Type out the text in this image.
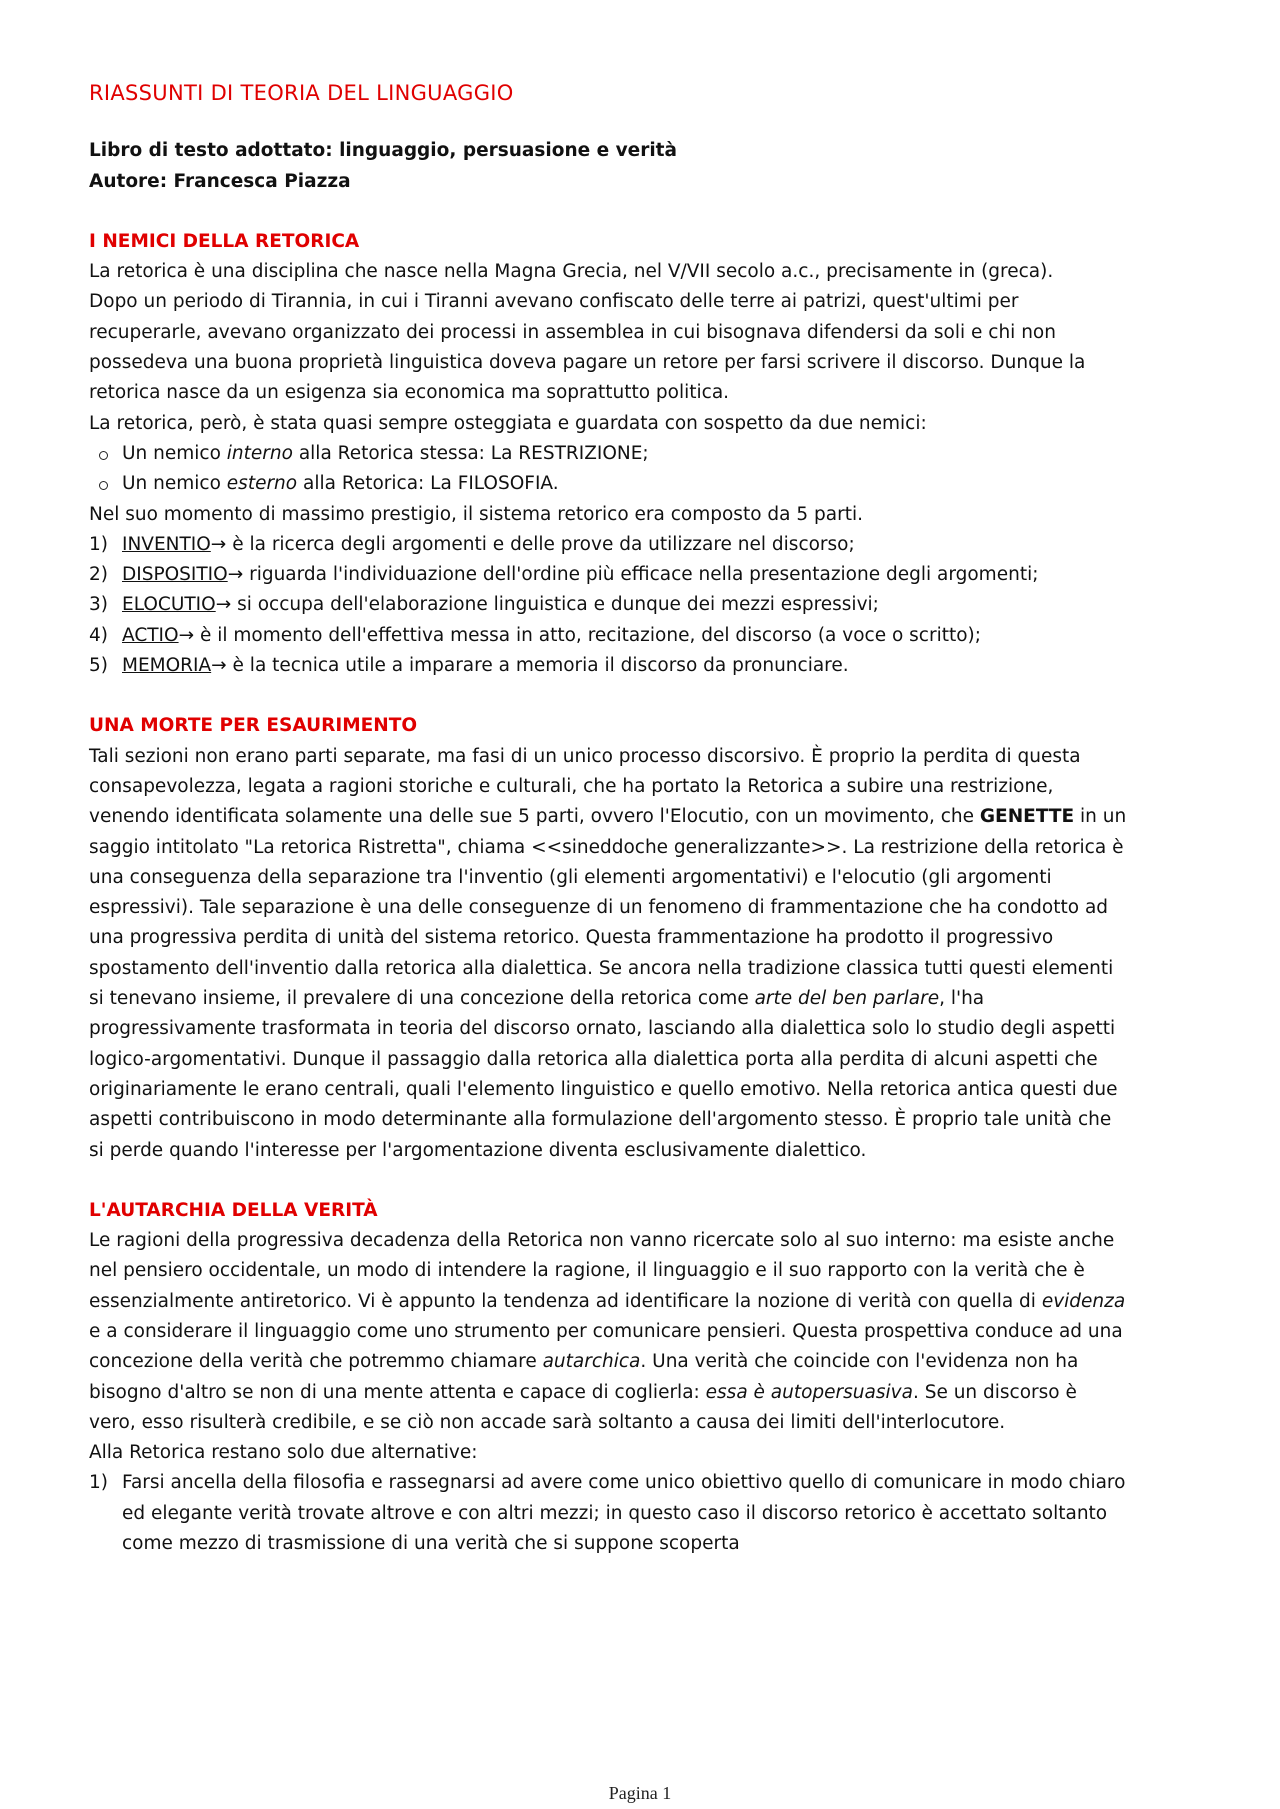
RIASSUNTI DI TEORIA DEL LINGUAGGIO

Libro di testo adottato: linguaggio, persuasione e verità

Autore: Francesca Piazza

I NEMICI DELLA RETORICA

La retorica è una disciplina che nasce nella Magna Grecia, nel V/VII secolo a.c., precisamente in (greca).

Dopo un periodo di Tirannia, in cui i Tiranni avevano confiscato delle terre ai patrizi, quest'ultimi per recuperarle, avevano organizzato dei processi in assemblea in cui bisognava difendersi da soli e chi non possedeva una buona proprietà linguistica doveva pagare un retore per farsi scrivere il discorso. Dunque la retorica nasce da un esigenza sia economica ma soprattutto politica.

La retorica, però, è stata quasi sempre osteggiata e guardata con sospetto da due nemici:

Un nemico interno alla Retorica stessa: La RESTRIZIONE;
Un nemico esterno alla Retorica: La FILOSOFIA.

Nel suo momento di massimo prestigio, il sistema retorico era composto da 5 parti.

1) INVENTIO→ è la ricerca degli argomenti e delle prove da utilizzare nel discorso;
2) DISPOSITIO→ riguarda l'individuazione dell'ordine più efficace nella presentazione degli argomenti;
3) ELOCUTIO→ si occupa dell'elaborazione linguistica e dunque dei mezzi espressivi;
4) ACTIO→ è il momento dell'effettiva messa in atto, recitazione, del discorso (a voce o scritto);
5) MEMORIA→ è la tecnica utile a imparare a memoria il discorso da pronunciare.
UNA MORTE PER ESAURIMENTO

Tali sezioni non erano parti separate, ma fasi di un unico processo discorsivo. È proprio la perdita di questa consapevolezza, legata a ragioni storiche e culturali, che ha portato la Retorica a subire una restrizione, venendo identificata solamente una delle sue 5 parti, ovvero l'Elocutio, con un movimento, che GENETTE in un saggio intitolato "La retorica Ristretta", chiama <<sineddoche generalizzante>>. La restrizione della retorica è una conseguenza della separazione tra l'inventio (gli elementi argomentativi) e l'elocutio (gli argomenti espressivi). Tale separazione è una delle conseguenze di un fenomeno di frammentazione che ha condotto ad una progressiva perdita di unità del sistema retorico. Questa frammentazione ha prodotto il progressivo spostamento dell'inventio dalla retorica alla dialettica. Se ancora nella tradizione classica tutti questi elementi si tenevano insieme, il prevalere di una concezione della retorica come arte del ben parlare, l'ha progressivamente trasformata in teoria del discorso ornato, lasciando alla dialettica solo lo studio degli aspetti logico-argomentativi. Dunque il passaggio dalla retorica alla dialettica porta alla perdita di alcuni aspetti che originariamente le erano centrali, quali l'elemento linguistico e quello emotivo. Nella retorica antica questi due aspetti contribuiscono in modo determinante alla formulazione dell'argomento stesso. È proprio tale unità che si perde quando l'interesse per l'argomentazione diventa esclusivamente dialettico.

L'AUTARCHIA DELLA VERITÀ

Le ragioni della progressiva decadenza della Retorica non vanno ricercate solo al suo interno: ma esiste anche nel pensiero occidentale, un modo di intendere la ragione, il linguaggio e il suo rapporto con la verità che è essenzialmente antiretorico. Vi è appunto la tendenza ad identificare la nozione di verità con quella di evidenza e a considerare il linguaggio come uno strumento per comunicare pensieri. Questa prospettiva conduce ad una concezione della verità che potremmo chiamare autarchica. Una verità che coincide con l'evidenza non ha bisogno d'altro se non di una mente attenta e capace di coglierla: essa è autopersuasiva. Se un discorso è vero, esso risulterà credibile, e se ciò non accade sarà soltanto a causa dei limiti dell'interlocutore.

Alla Retorica restano solo due alternative:

1) Farsi ancella della filosofia e rassegnarsi ad avere come unico obiettivo quello di comunicare in modo chiaro ed elegante verità trovate altrove e con altri mezzi; in questo caso il discorso retorico è accettato soltanto come mezzo di trasmissione di una verità che si suppone scoperta
Pagina 1
